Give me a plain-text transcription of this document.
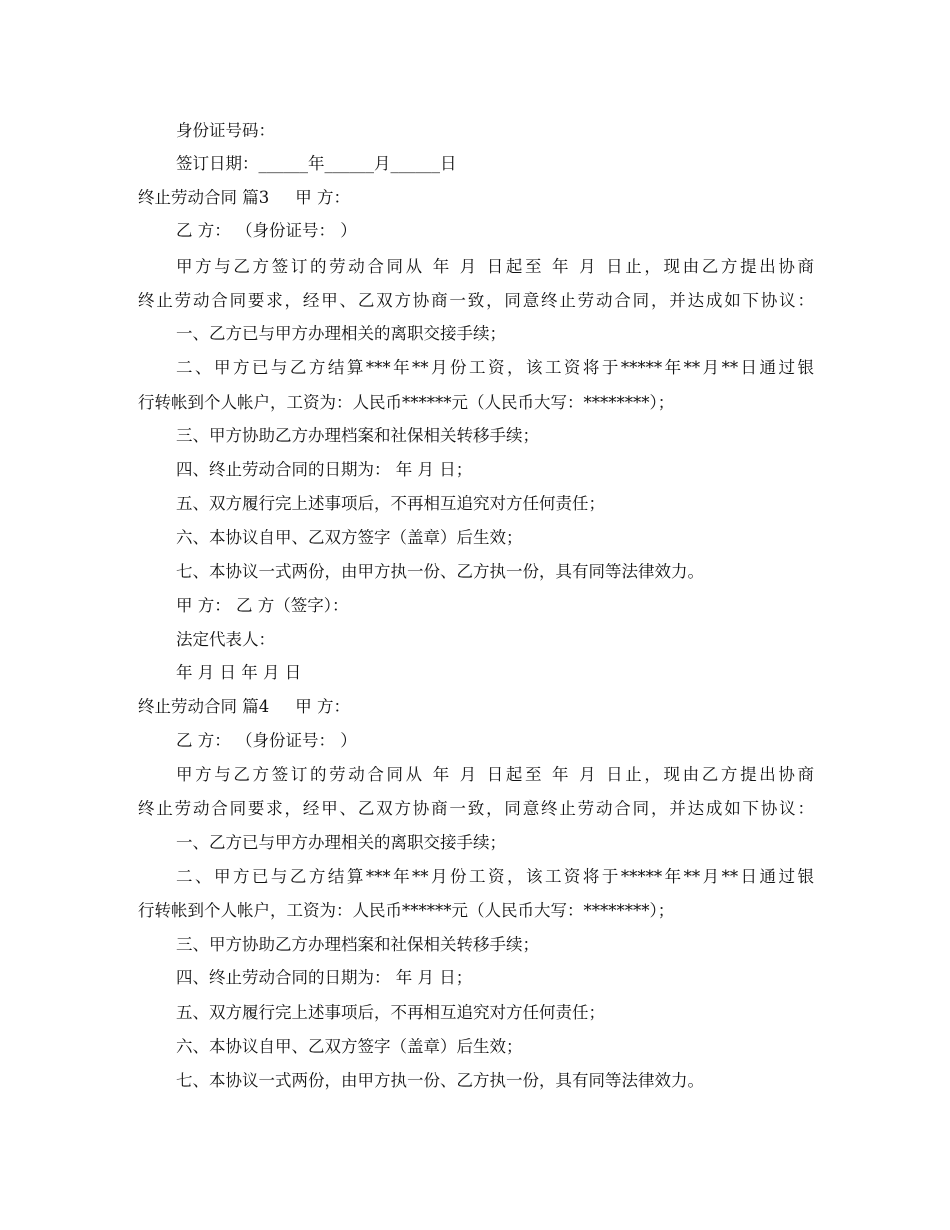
身份证号码：
签订日期：______年______月______日
终止劳动合同 篇3 甲 方：
乙 方： （身份证号： ）
甲方与乙方签订的劳动合同从 年 月 日起至 年 月 日止，现由乙方提出协商
终止劳动合同要求，经甲、乙双方协商一致，同意终止劳动合同，并达成如下协议：
一、乙方已与甲方办理相关的离职交接手续；
二、甲方已与乙方结算***年**月份工资，该工资将于*****年**月**日通过银
行转帐到个人帐户，工资为：人民币******元（人民币大写：********）；
三、甲方协助乙方办理档案和社保相关转移手续；
四、终止劳动合同的日期为： 年 月 日；
五、双方履行完上述事项后，不再相互追究对方任何责任；
六、本协议自甲、乙双方签字（盖章）后生效；
七、本协议一式两份，由甲方执一份、乙方执一份，具有同等法律效力。
甲 方： 乙 方（签字）：
法定代表人：
年 月 日 年 月 日
终止劳动合同 篇4 甲 方：
乙 方： （身份证号： ）
甲方与乙方签订的劳动合同从 年 月 日起至 年 月 日止，现由乙方提出协商
终止劳动合同要求，经甲、乙双方协商一致，同意终止劳动合同，并达成如下协议：
一、乙方已与甲方办理相关的离职交接手续；
二、甲方已与乙方结算***年**月份工资，该工资将于*****年**月**日通过银
行转帐到个人帐户，工资为：人民币******元（人民币大写：********）；
三、甲方协助乙方办理档案和社保相关转移手续；
四、终止劳动合同的日期为： 年 月 日；
五、双方履行完上述事项后，不再相互追究对方任何责任；
六、本协议自甲、乙双方签字（盖章）后生效；
七、本协议一式两份，由甲方执一份、乙方执一份，具有同等法律效力。
